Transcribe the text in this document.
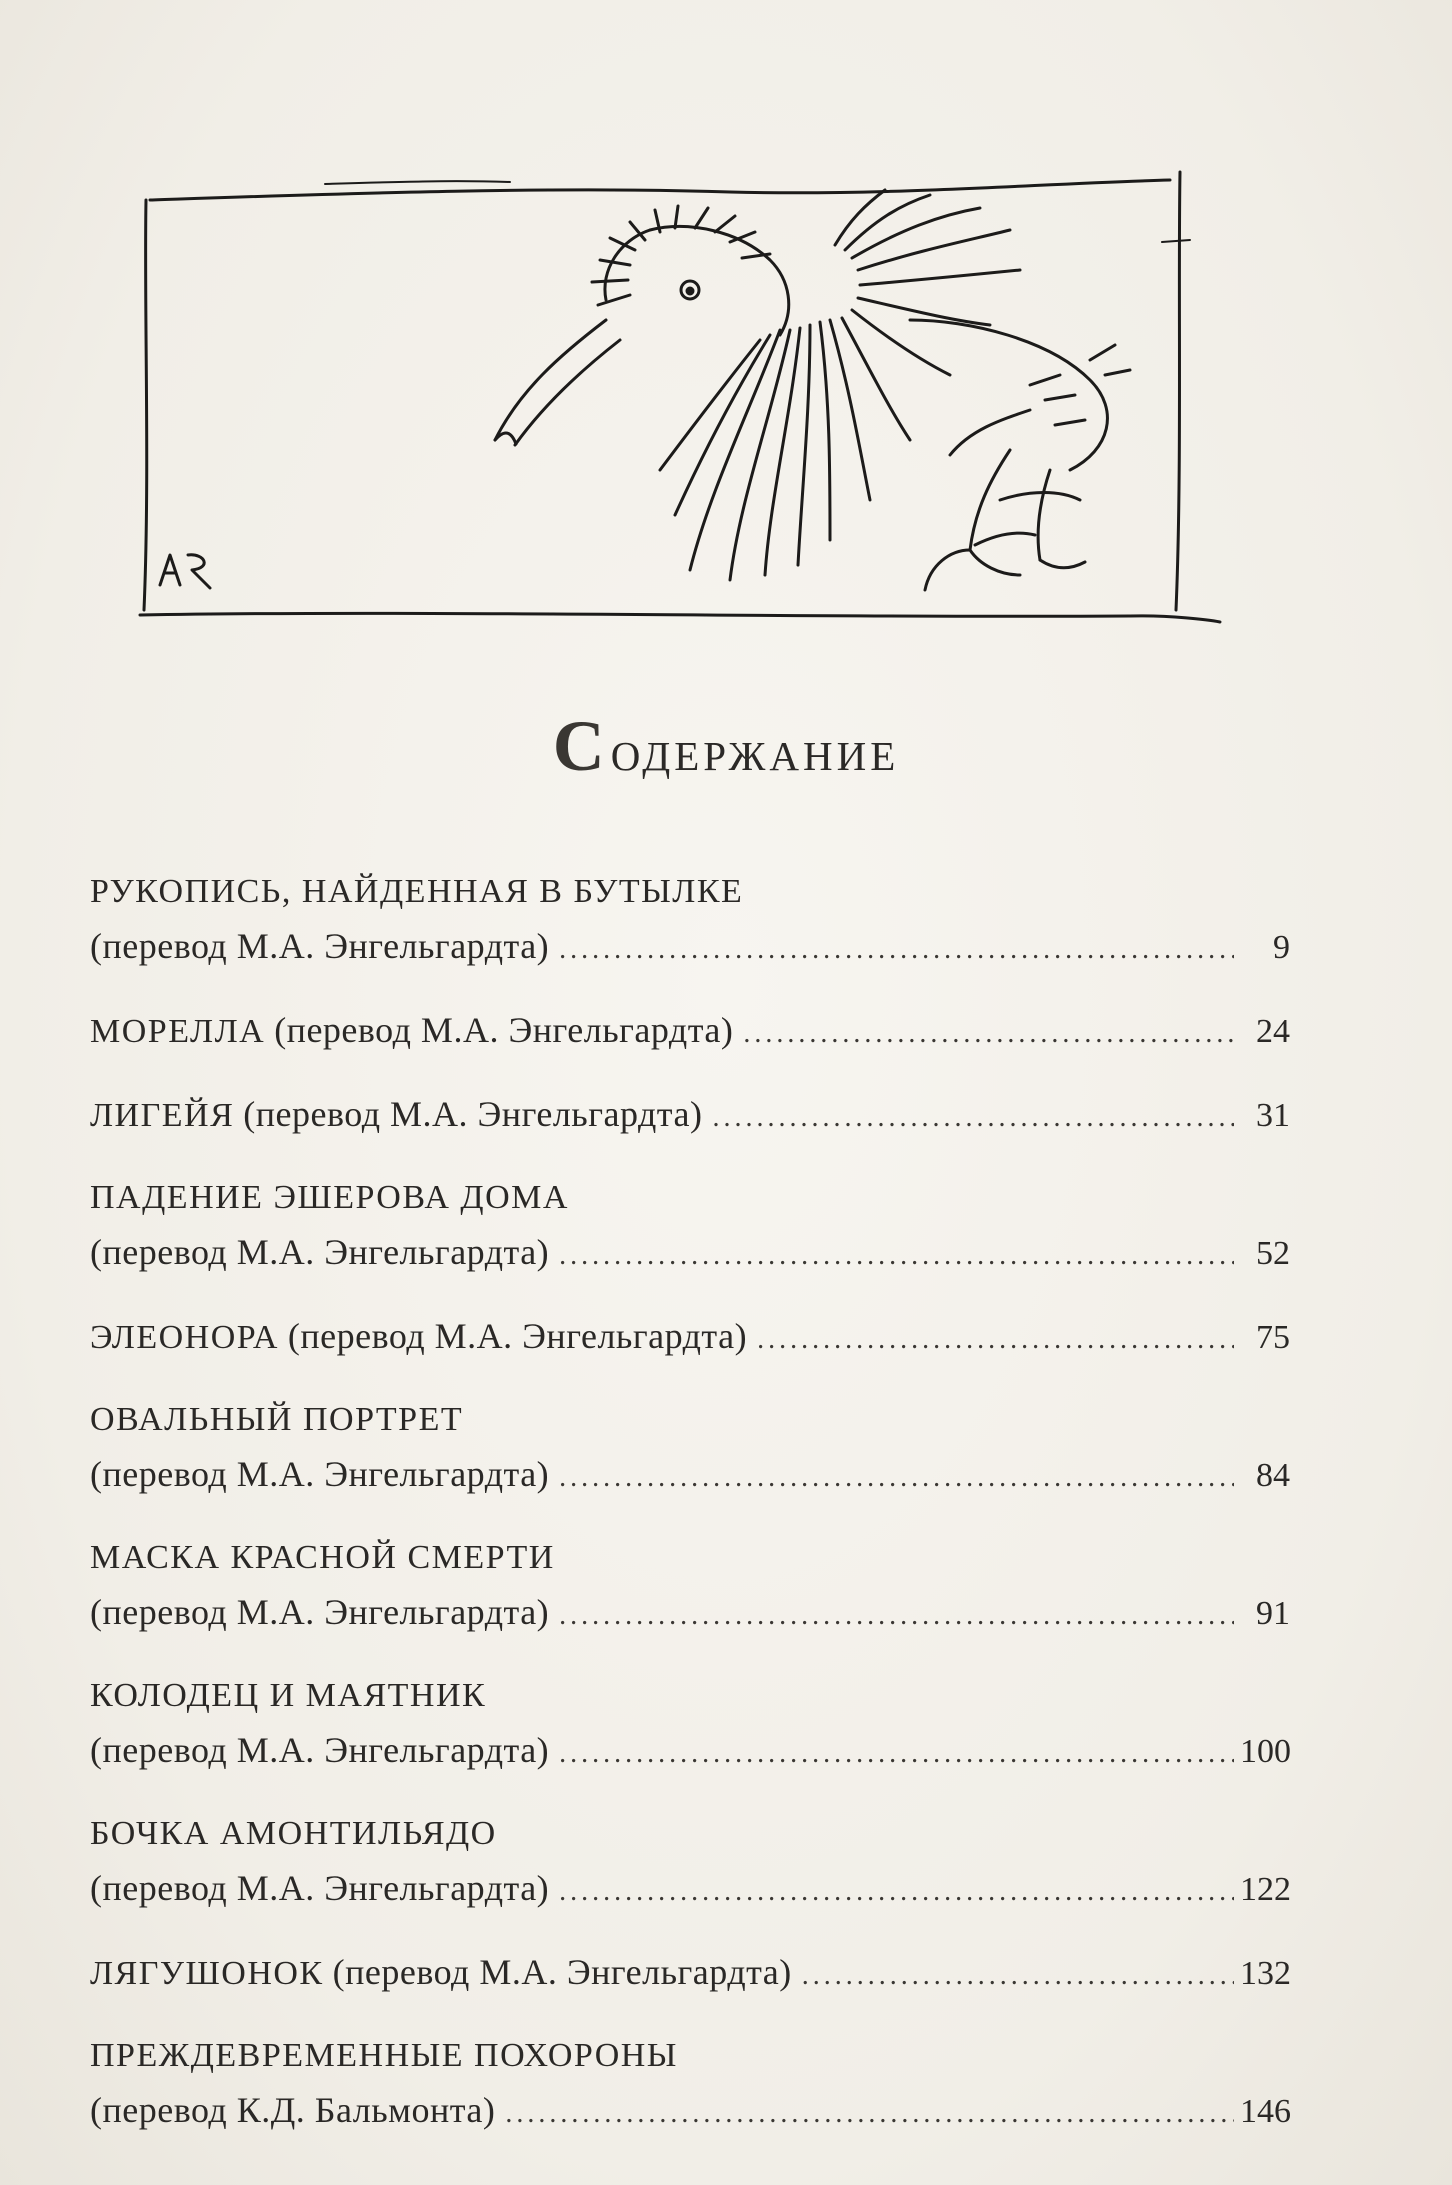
Содержание
РУКОПИСЬ, НАЙДЕННАЯ В БУТЫЛКЕ
(перевод М.А. Энгельгардта) .....	9
МОРЕЛЛА
(перевод М.А. Энгельгардта) .....	24
ЛИГЕЙЯ
(перевод М.А. Энгельгардта) .....	31
ПАДЕНИЕ ЭШЕРОВА ДОМА
(перевод М.А. Энгельгардта) .....	52
ЭЛЕОНОРА
(перевод М.А. Энгельгардта) .....	75
ОВАЛЬНЫЙ ПОРТРЕТ
(перевод М.А. Энгельгардта) .....	84
МАСКА КРАСНОЙ СМЕРТИ
(перевод М.А. Энгельгардта) .....	91
КОЛОДЕЦ И МАЯТНИК
(перевод М.А. Энгельгардта) .....	100
БОЧКА АМОНТИЛЬЯДО
(перевод М.А. Энгельгардта) .....	122
ЛЯГУШОНОК
(перевод М.А. Энгельгардта) .....	132
ПРЕЖДЕВРЕМЕННЫЕ ПОХОРОНЫ
(перевод К.Д. Бальмонта) .....	146
